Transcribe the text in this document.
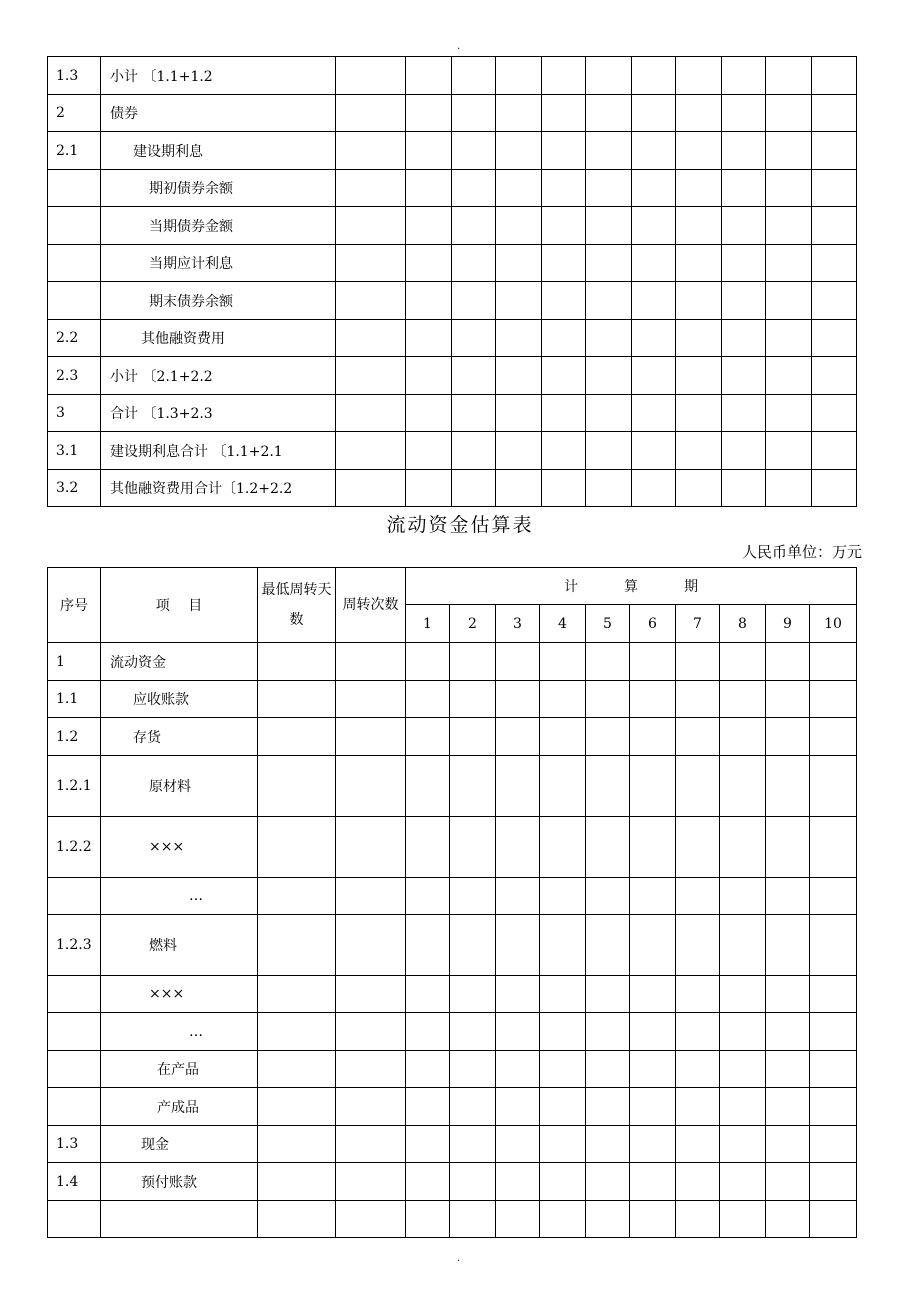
.
1.3	小计 〔1.1+1.2											
2	债券											
2.1	建设期利息											
	期初债券余额											
	当期债券金额											
	当期应计利息											
	期末债券余额											
2.2	其他融资费用											
2.3	小计 〔2.1+2.2											
3	合计 〔1.3+2.3											
3.1	建设期利息合计 〔1.1+2.1											
3.2	其他融资费用合计〔1.2+2.2											
流动资金估算表
人民币单位：万元
序号	项 目	最低周转天数	周转次数	计 算 期									
				1	2	3	4	5	6	7	8	9	10
1	流动资金												
1.1	应收账款												
1.2	存货												
1.2.1	原材料												
1.2.2	×××												
	…												
1.2.3	燃料												
	×××												
	…												
	在产品												
	产成品												
1.3	现金												
1.4	预付账款												

.
